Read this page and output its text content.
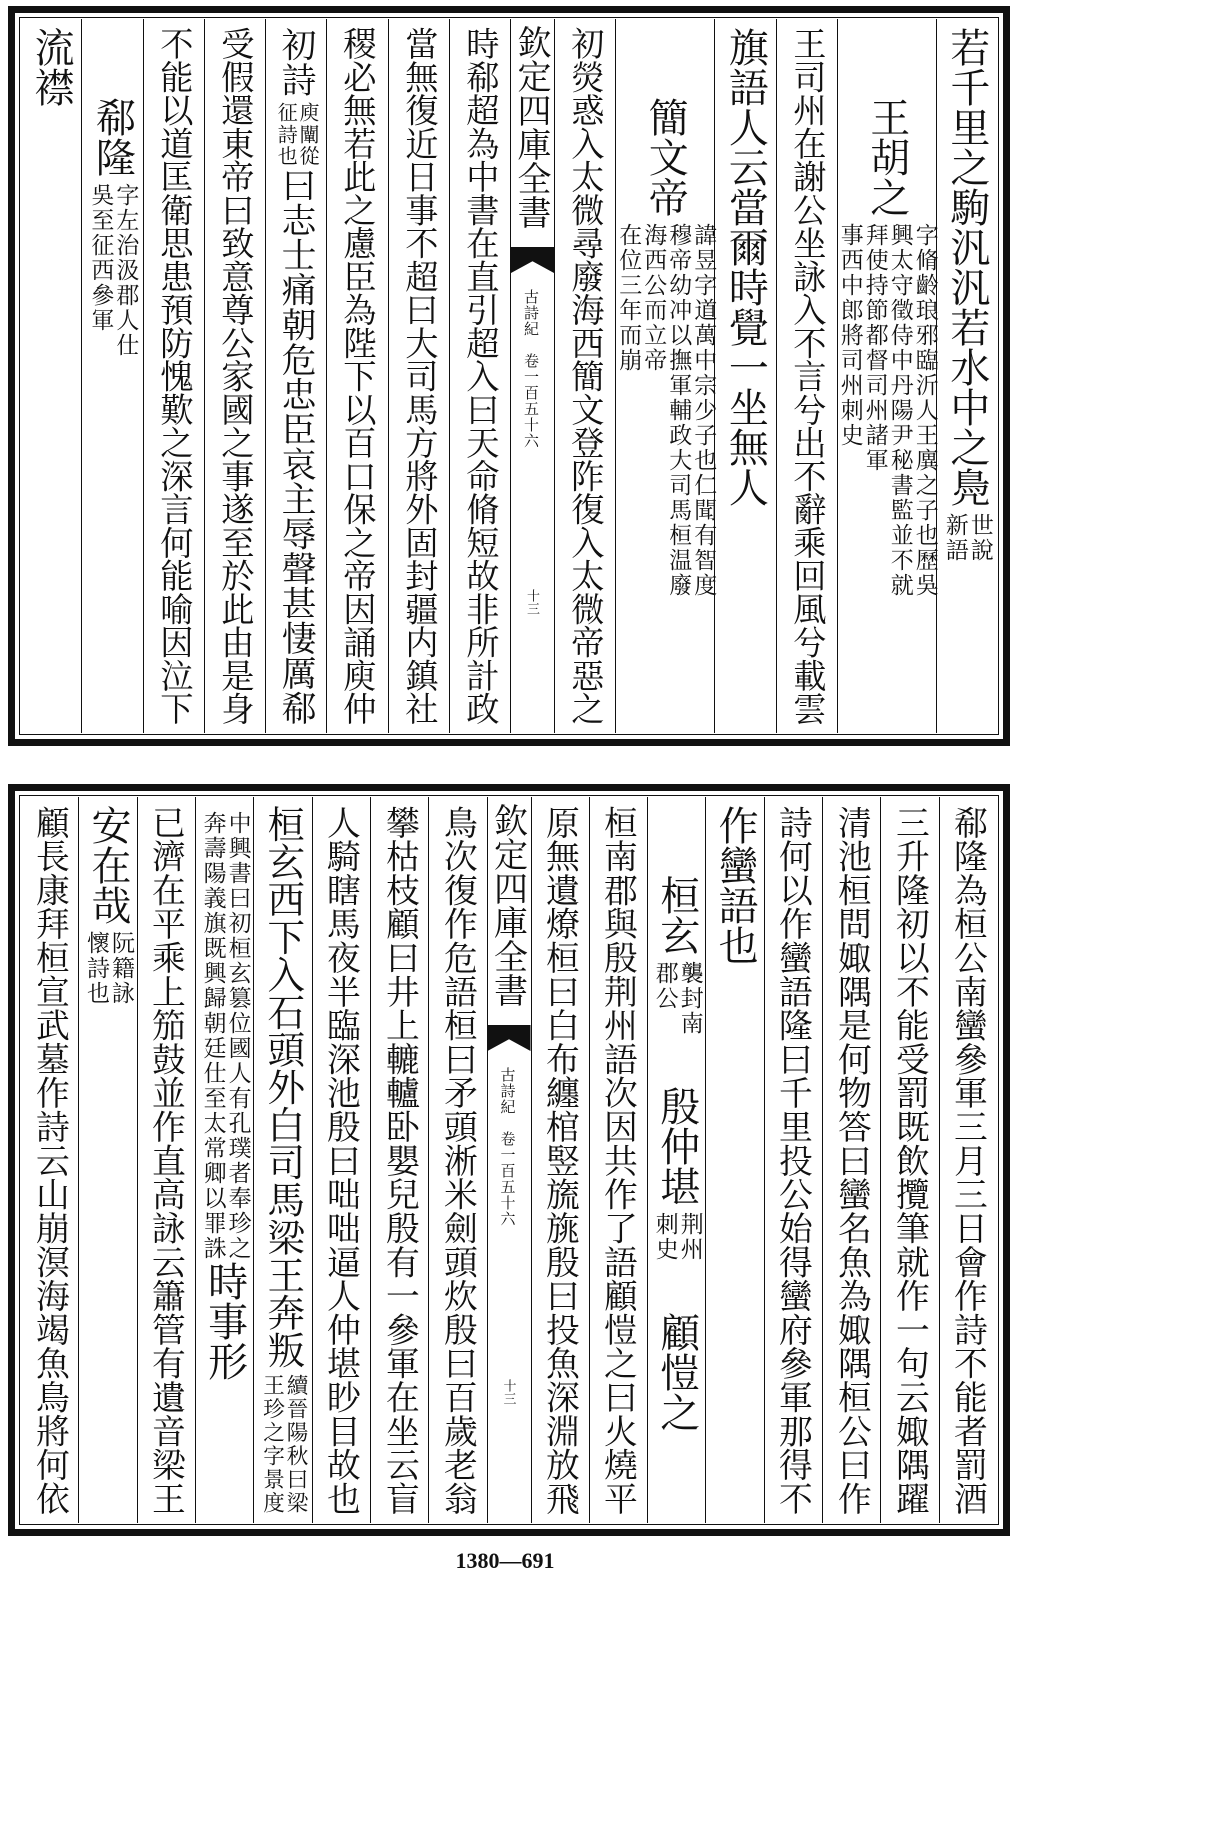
若千里之駒汎汎若水中之鳧
世說
新語
王胡之
字脩齡琅邪臨沂人王廙之子也歷吳
興太守徵侍中丹陽尹秘書監並不就
拜使持節都督司州諸軍
事西中郎將司州刺史
王司州在謝公坐詠入不言兮出不辭乘回風兮載雲
旗語人云當爾時覺一坐無人
簡文帝
諱昱字道萬中宗少子也仁聞有智度
穆帝幼冲以撫軍輔政大司馬桓温廢
海西公而立帝
在位三年而崩
初熒惑入太微尋廢海西簡文登阼復入太微帝惡之
欽定四庫全書
古詩紀　卷一百五十六
十三
時郗超為中書在直引超入曰天命脩短故非所計政
當無復近日事不超曰大司馬方將外固封疆内鎮社
稷必無若此之慮臣為陛下以百口保之帝因誦庾仲
初詩
庾闡從
征詩也
曰志士痛朝危忠臣哀主辱聲甚悽厲郗
受假還東帝曰致意尊公家國之事遂至於此由是身
不能以道匡衛思患預防愧歎之深言何能喻因泣下
郗隆
字左治汲郡人仕
吳至征西參軍
流襟
郗隆為桓公南蠻參軍三月三日會作詩不能者罰酒
三升隆初以不能受罰既飲攬筆就作一句云娵隅躍
清池桓問娵隅是何物答曰蠻名魚為娵隅桓公曰作
詩何以作蠻語隆曰千里投公始得蠻府參軍那得不
作蠻語也
桓玄
襲封南
郡公
殷仲堪
荆州
刺史
顧愷之
桓南郡與殷荆州語次因共作了語顧愷之曰火燒平
原無遺燎桓曰白布纏棺竪旒旐殷曰投魚深淵放飛
欽定四庫全書
古詩紀　卷一百五十六
十三
鳥次復作危語桓曰矛頭淅米劍頭炊殷曰百歲老翁
攀枯枝顧曰井上轆轤卧嬰兒殷有一參軍在坐云盲
人騎瞎馬夜半臨深池殷曰咄咄逼人仲堪眇目故也
桓玄西下入石頭外白司馬梁王奔叛
續晉陽秋曰梁
王珍之字景度
中興書曰初桓玄篡位國人有孔璞者奉珍之
奔壽陽義旗既興歸朝廷仕至太常卿以罪誅
時事形
已濟在平乘上笳鼓並作直高詠云簫管有遺音梁王
安在哉
阮籍詠
懷詩也
顧長康拜桓宣武墓作詩云山崩溟海竭魚鳥將何依
1380—691
